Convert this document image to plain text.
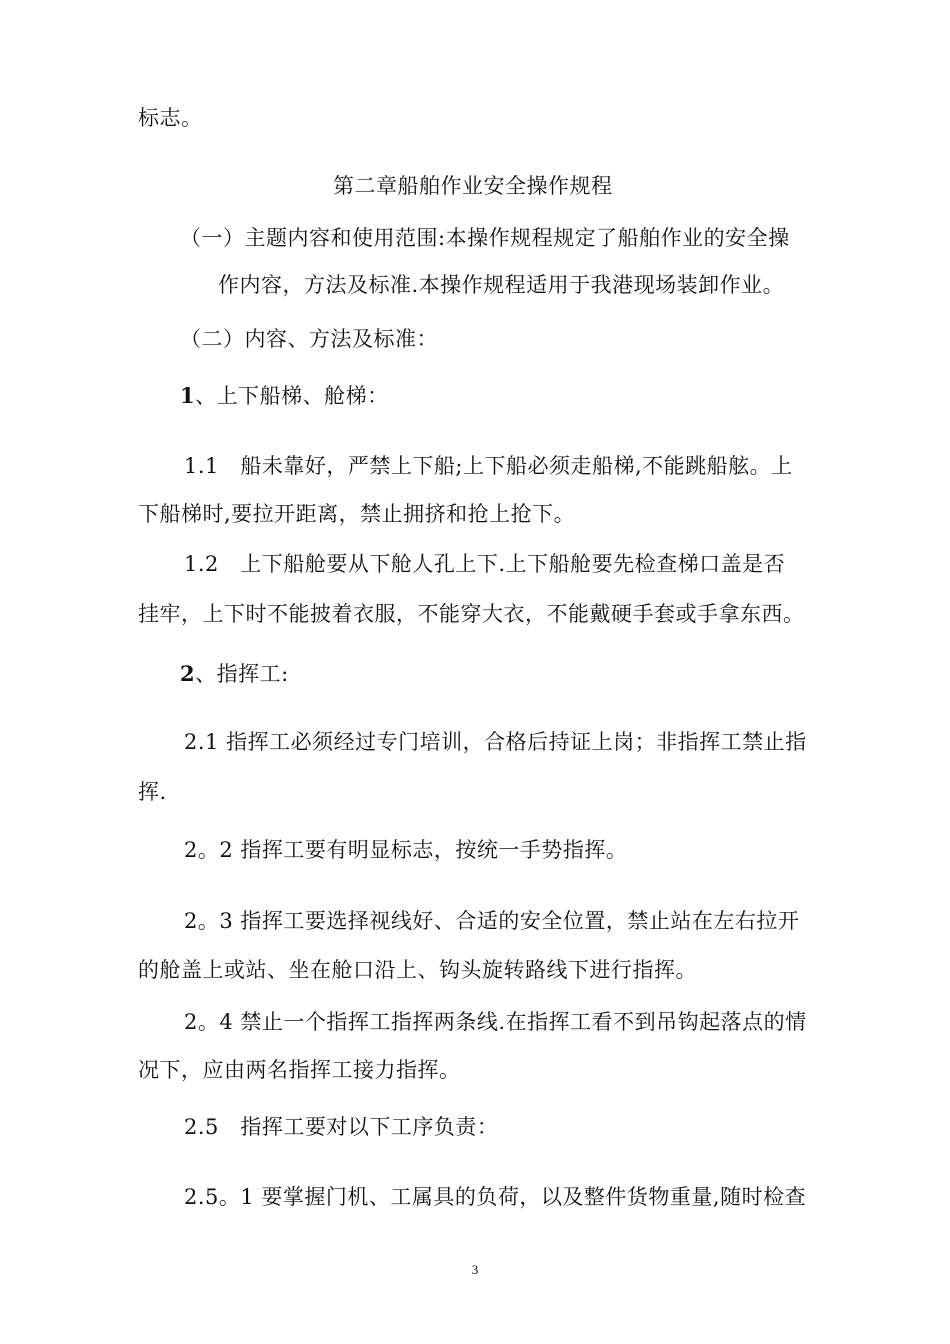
标志。
第二章船舶作业安全操作规程
（一）主题内容和使用范围:本操作规程规定了船舶作业的安全操
作内容，方法及标准.本操作规程适用于我港现场装卸作业。
（二）内容、方法及标准：
1、上下船梯、舱梯：
1.1　船未靠好，严禁上下船;上下船必须走船梯,不能跳船舷。上
下船梯时,要拉开距离，禁止拥挤和抢上抢下。
1.2　上下船舱要从下舱人孔上下.上下船舱要先检查梯口盖是否
挂牢，上下时不能披着衣服，不能穿大衣，不能戴硬手套或手拿东西。
2、指挥工:
2.1 指挥工必须经过专门培训，合格后持证上岗；非指挥工禁止指
挥.
2。2 指挥工要有明显标志，按统一手势指挥。
2。3 指挥工要选择视线好、合适的安全位置，禁止站在左右拉开
的舱盖上或站、坐在舱口沿上、钩头旋转路线下进行指挥。
2。4 禁止一个指挥工指挥两条线.在指挥工看不到吊钩起落点的情
况下，应由两名指挥工接力指挥。
2.5　指挥工要对以下工序负责：
2.5。1 要掌握门机、工属具的负荷，以及整件货物重量,随时检查
3
